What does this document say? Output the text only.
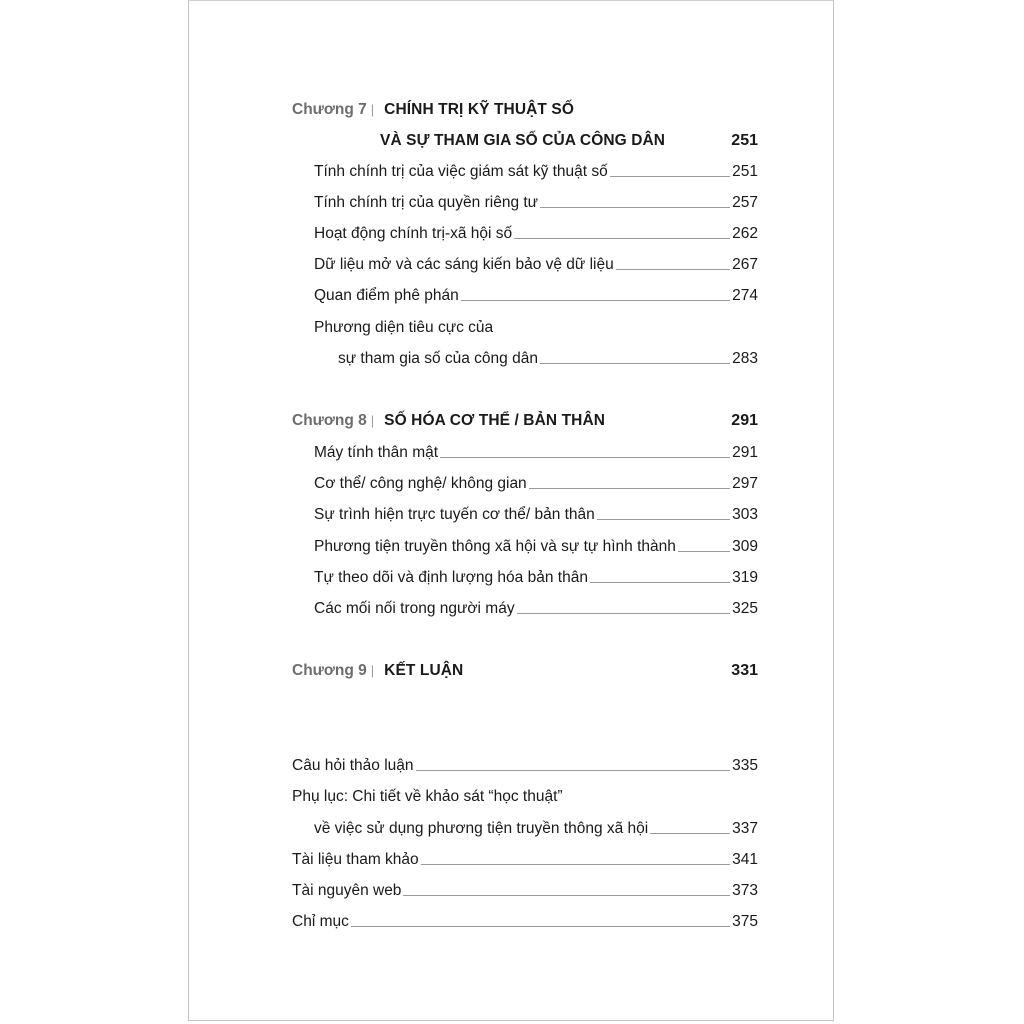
Chương 7 | CHÍNH TRỊ KỸ THUẬT SỐ
VÀ SỰ THAM GIA SỐ CỦA CÔNG DÂN	251
Tính chính trị của việc giám sát kỹ thuật số	251
Tính chính trị của quyền riêng tư	257
Hoạt động chính trị-xã hội số	262
Dữ liệu mở và các sáng kiến bảo vệ dữ liệu	267
Quan điểm phê phán	274
Phương diện tiêu cực của
sự tham gia số của công dân	283
Chương 8 | SỐ HÓA CƠ THỂ / BẢN THÂN	291
Máy tính thân mật	291
Cơ thể/ công nghệ/ không gian	297
Sự trình hiện trực tuyến cơ thể/ bản thân	303
Phương tiện truyền thông xã hội và sự tự hình thành	309
Tự theo dõi và định lượng hóa bản thân	319
Các mối nối trong người máy	325
Chương 9 | KẾT LUẬN	331
Câu hỏi thảo luận	335
Phụ lục: Chi tiết về khảo sát “học thuật”
về việc sử dụng phương tiện truyền thông xã hội	337
Tài liệu tham khảo	341
Tài nguyên web	373
Chỉ mục	375
